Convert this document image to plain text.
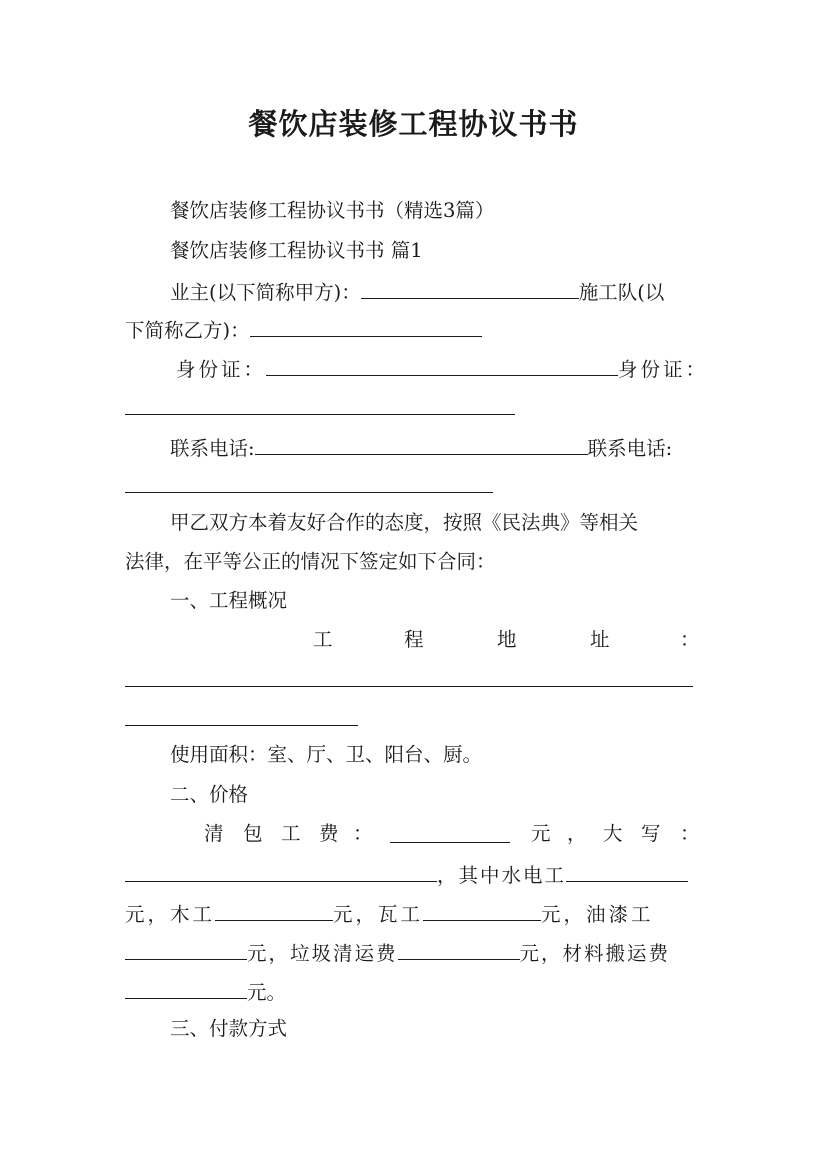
餐饮店装修工程协议书书
餐饮店装修工程协议书书（精选3篇）
餐饮店装修工程协议书书 篇1
业主(以下简称甲方)：	施工队(以
下简称乙方)：
身份证：	身份证：
联系电话:	联系电话:
甲乙双方本着友好合作的态度，按照《民法典》等相关
法律，在平等公正的情况下签定如下合同：
一、工程概况
工	程	地	址	：
使用面积：室、厅、卫、阳台、厨。
二、价格
清 包 工 费 ：	元 ， 大 写 ：
，其中水电工
元，木工	元，瓦工	元，油漆工
元，垃圾清运费	元，材料搬运费
元。
三、付款方式
